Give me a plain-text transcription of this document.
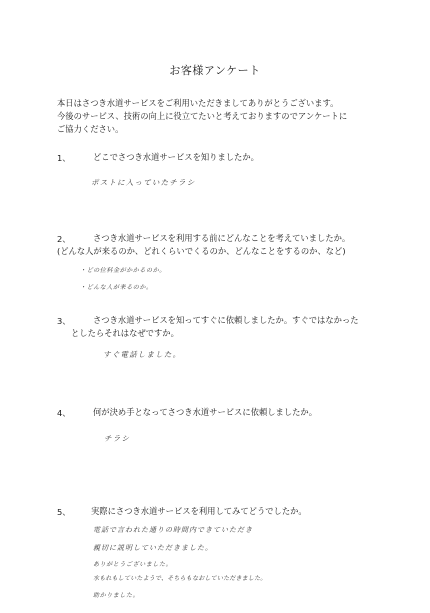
お客様アンケート
本日はさつき水道サービスをご利用いただきましてありがとうございます。
今後のサービス、技術の向上に役立てたいと考えておりますのでアンケートに
ご協力ください。
1、	どこでさつき水道サービスを知りましたか。
ポストに入っていたチラシ
2、	さつき水道サービスを利用する前にどんなことを考えていましたか。
(どんな人が来るのか、どれくらいでくるのか、どんなことをするのか、など)
・どの位料金がかかるのか。
・どんな人が来るのか。
3、	さつき水道サービスを知ってすぐに依頼しましたか。すぐではなかった
としたらそれはなぜですか。
すぐ電話しました。
4、	何が決め手となってさつき水道サービスに依頼しましたか。
チラシ
5、 実際にさつき水道サービスを利用してみてどうでしたか。
電話で言われた通りの時間内できていただき
親切に説明していただきました。
ありがとうございました。
水もれもしていたようで、そちらもなおしていただきました。
助かりました。
